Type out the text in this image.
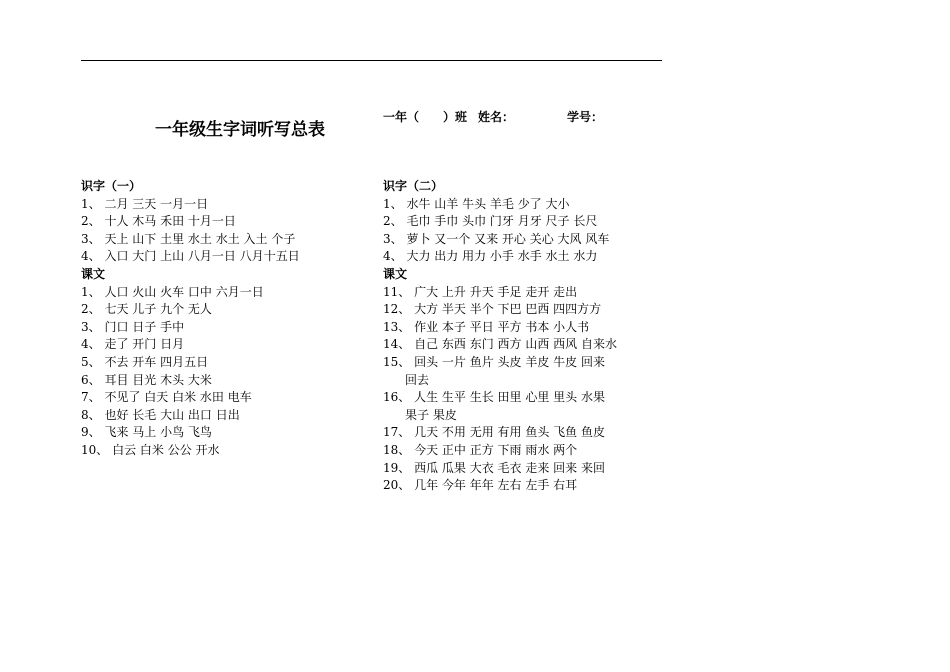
一年级生字词听写总表
一年（　　）班 姓名：	学号：
识字（一）
1、 二月 三天 一月一日
2、 十人 木马 禾田 十月一日
3、 天上 山下 土里 水土 水土 入土 个子
4、 入口 大门 上山 八月一日 八月十五日
课文
1、 人口 火山 火车 口中 六月一日
2、 七天 儿子 九个 无人
3、 门口 日子 手中
4、 走了 开门 日月
5、 不去 开车 四月五日
6、 耳目 目光 木头 大米
7、 不见了 白天 白米 水田 电车
8、 也好 长毛 大山 出口 日出
9、 飞来 马上 小鸟 飞鸟
10、 白云 白米 公公 开水
识字（二）
1、 水牛 山羊 牛头 羊毛 少了 大小
2、 毛巾 手巾 头巾 门牙 月牙 尺子 长尺
3、 萝卜 又一个 又来 开心 关心 大风 风车
4、 大力 出力 用力 小手 水手 水土 水力
课文
11、 广大 上升 升天 手足 走开 走出
12、 大方 半天 半个 下巴 巴西 四四方方
13、 作业 本子 平日 平方 书本 小人书
14、 自己 东西 东门 西方 山西 西风 自来水
15、 回头 一片 鱼片 头皮 羊皮 牛皮 回来
回去
16、 人生 生平 生长 田里 心里 里头 水果
果子 果皮
17、 几天 不用 无用 有用 鱼头 飞鱼 鱼皮
18、 今天 正中 正方 下雨 雨水 两个
19、 西瓜 瓜果 大衣 毛衣 走来 回来 来回
20、 几年 今年 年年 左右 左手 右耳
